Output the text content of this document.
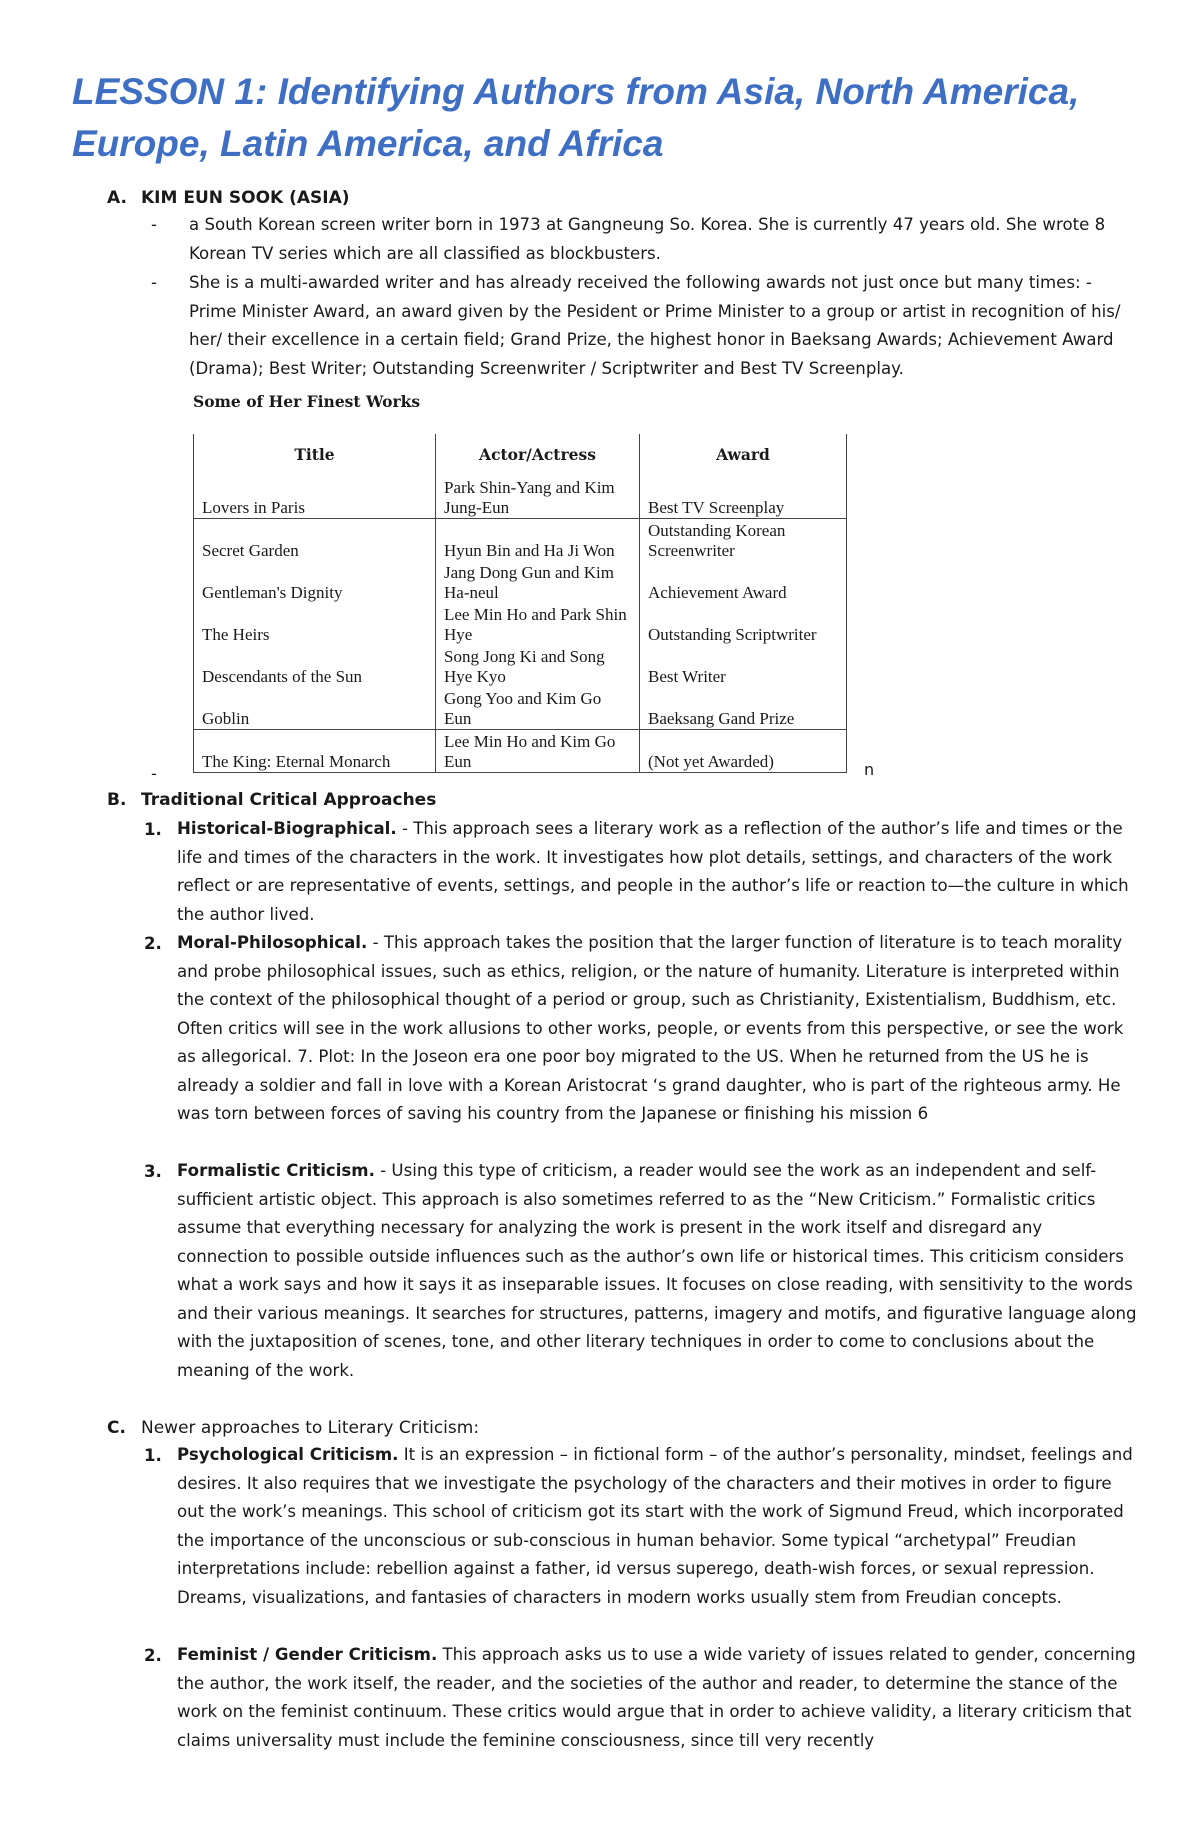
LESSON 1: Identifying Authors from Asia, North America, Europe, Latin America, and Africa
A. KIM EUN SOOK (ASIA)
- a South Korean screen writer born in 1973 at Gangneung So. Korea. She is currently 47 years old. She wrote 8 Korean TV series which are all classified as blockbusters.

- She is a multi-awarded writer and has already received the following awards not just once but many times: - Prime Minister Award, an award given by the Pesident or Prime Minister to a group or artist in recognition of his/ her/ their excellence in a certain field; Grand Prize, the highest honor in Baeksang Awards; Achievement Award (Drama); Best Writer; Outstanding Screenwriter / Scriptwriter and Best TV Screenplay.

Some of Her Finest Works
Title	Actor/Actress	Award
Lovers in Paris	Park Shin-Yang and Kim Jung-Eun	Best TV Screenplay
Secret Garden	Hyun Bin and Ha Ji Won	Outstanding Korean Screenwriter
Gentleman's Dignity	Jang Dong Gun and Kim Ha-neul	Achievement Award
The Heirs	Lee Min Ho and Park Shin Hye	Outstanding Scriptwriter
Descendants of the Sun	Song Jong Ki and Song Hye Kyo	Best Writer
Goblin	Gong Yoo and Kim Go Eun	Baeksang Gand Prize
The King: Eternal Monarch	Lee Min Ho and Kim Go Eun	(Not yet Awarded)
-	n
B. Traditional Critical Approaches
1. Historical-Biographical. - This approach sees a literary work as a reflection of the author’s life and times or the life and times of the characters in the work. It investigates how plot details, settings, and characters of the work reflect or are representative of events, settings, and people in the author’s life or reaction to—the culture in which the author lived.

2. Moral-Philosophical. - This approach takes the position that the larger function of literature is to teach morality and probe philosophical issues, such as ethics, religion, or the nature of humanity. Literature is interpreted within the context of the philosophical thought of a period or group, such as Christianity, Existentialism, Buddhism, etc. Often critics will see in the work allusions to other works, people, or events from this perspective, or see the work as allegorical. 7. Plot: In the Joseon era one poor boy migrated to the US. When he returned from the US he is already a soldier and fall in love with a Korean Aristocrat ‘s grand daughter, who is part of the righteous army. He was torn between forces of saving his country from the Japanese or finishing his mission 6

3. Formalistic Criticism. - Using this type of criticism, a reader would see the work as an independent and self-sufficient artistic object. This approach is also sometimes referred to as the “New Criticism.” Formalistic critics assume that everything necessary for analyzing the work is present in the work itself and disregard any connection to possible outside influences such as the author’s own life or historical times. This criticism considers what a work says and how it says it as inseparable issues. It focuses on close reading, with sensitivity to the words and their various meanings. It searches for structures, patterns, imagery and motifs, and figurative language along with the juxtaposition of scenes, tone, and other literary techniques in order to come to conclusions about the meaning of the work.

C. Newer approaches to Literary Criticism:
1. Psychological Criticism. It is an expression – in fictional form – of the author’s personality, mindset, feelings and desires. It also requires that we investigate the psychology of the characters and their motives in order to figure out the work’s meanings. This school of criticism got its start with the work of Sigmund Freud, which incorporated the importance of the unconscious or sub-conscious in human behavior. Some typical “archetypal” Freudian interpretations include: rebellion against a father, id versus superego, death-wish forces, or sexual repression. Dreams, visualizations, and fantasies of characters in modern works usually stem from Freudian concepts.

2. Feminist / Gender Criticism. This approach asks us to use a wide variety of issues related to gender, concerning the author, the work itself, the reader, and the societies of the author and reader, to determine the stance of the work on the feminist continuum. These critics would argue that in order to achieve validity, a literary criticism that claims universality must include the feminine consciousness, since till very recently
